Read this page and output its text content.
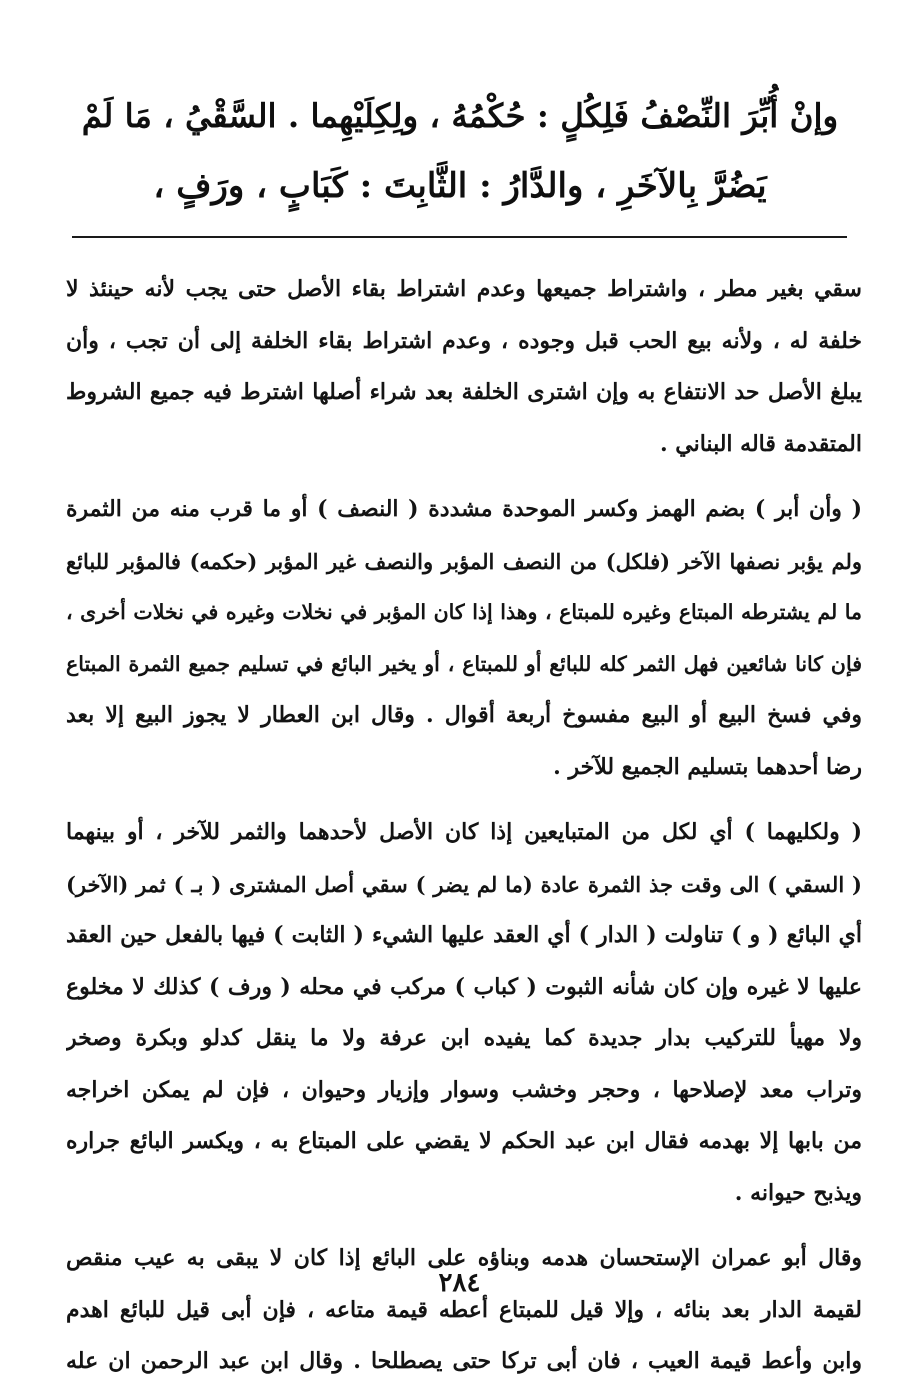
وإنْ أُبِّرَ النِّصْفُ فَلِكُلٍ : حُكْمُهُ ، ولِكِلَيْهِما . السَّقْيُ ، مَا لَمْ
يَضُرَّ بِالآخَرِ ، والدَّارُ : الثَّابِتَ : كَبَابٍ ، ورَفٍ ،
سقي بغير مطر ، واشتراط جميعها وعدم اشتراط بقاء الأصل حتى يجب لأنه حينئذ لا
خلفة له ، ولأنه بيع الحب قبل وجوده ، وعدم اشتراط بقاء الخلفة إلى أن تجب ، وأن
يبلغ الأصل حد الانتفاع به وإن اشترى الخلفة بعد شراء أصلها اشترط فيه جميع الشروط
المتقدمة قاله البناني .
( وأن أبر ) بضم الهمز وكسر الموحدة مشددة ( النصف ) أو ما قرب منه من الثمرة
ولم يؤبر نصفها الآخر (فلكل) من النصف المؤبر والنصف غير المؤبر (حكمه) فالمؤبر للبائع
ما لم يشترطه المبتاع وغيره للمبتاع ، وهذا إذا كان المؤبر في نخلات وغيره في نخلات أخرى ،
فإن كانا شائعين فهل الثمر كله للبائع أو للمبتاع ، أو يخير البائع في تسليم جميع الثمرة المبتاع
وفي فسخ البيع أو البيع مفسوخ أربعة أقوال . وقال ابن العطار لا يجوز البيع إلا بعد
رضا أحدهما بتسليم الجميع للآخر .
( ولكليهما ) أي لكل من المتبايعين إذا كان الأصل لأحدهما والثمر للآخر ، أو بينهما
( السقي ) الى وقت جذ الثمرة عادة (ما لم يضر ) سقي أصل المشترى ( بـ ) ثمر (الآخر)
أي البائع ( و ) تناولت ( الدار ) أي العقد عليها الشيء ( الثابت ) فيها بالفعل حين العقد
عليها لا غيره وإن كان شأنه الثبوت ( كباب ) مركب في محله ( ورف ) كذلك لا مخلوع
ولا مهيأ للتركيب بدار جديدة كما يفيده ابن عرفة ولا ما ينقل كدلو وبكرة وصخر
وتراب معد لإصلاحها ، وحجر وخشب وسوار وإزيار وحيوان ، فإن لم يمكن اخراجه
من بابها إلا بهدمه فقال ابن عبد الحكم لا يقضي على المبتاع به ، ويكسر البائع جراره
ويذبح حيوانه .
وقال أبو عمران الإستحسان هدمه وبناؤه على البائع إذا كان لا يبقى به عيب منقص
لقيمة الدار بعد بنائه ، وإلا قيل للمبتاع أعطه قيمة متاعه ، فإن أبى قيل للبائع اهدم
وابن وأعط قيمة العيب ، فان أبى تركا حتى يصطلحا . وقال ابن عبد الرحمن ان عله
٢٨٤
